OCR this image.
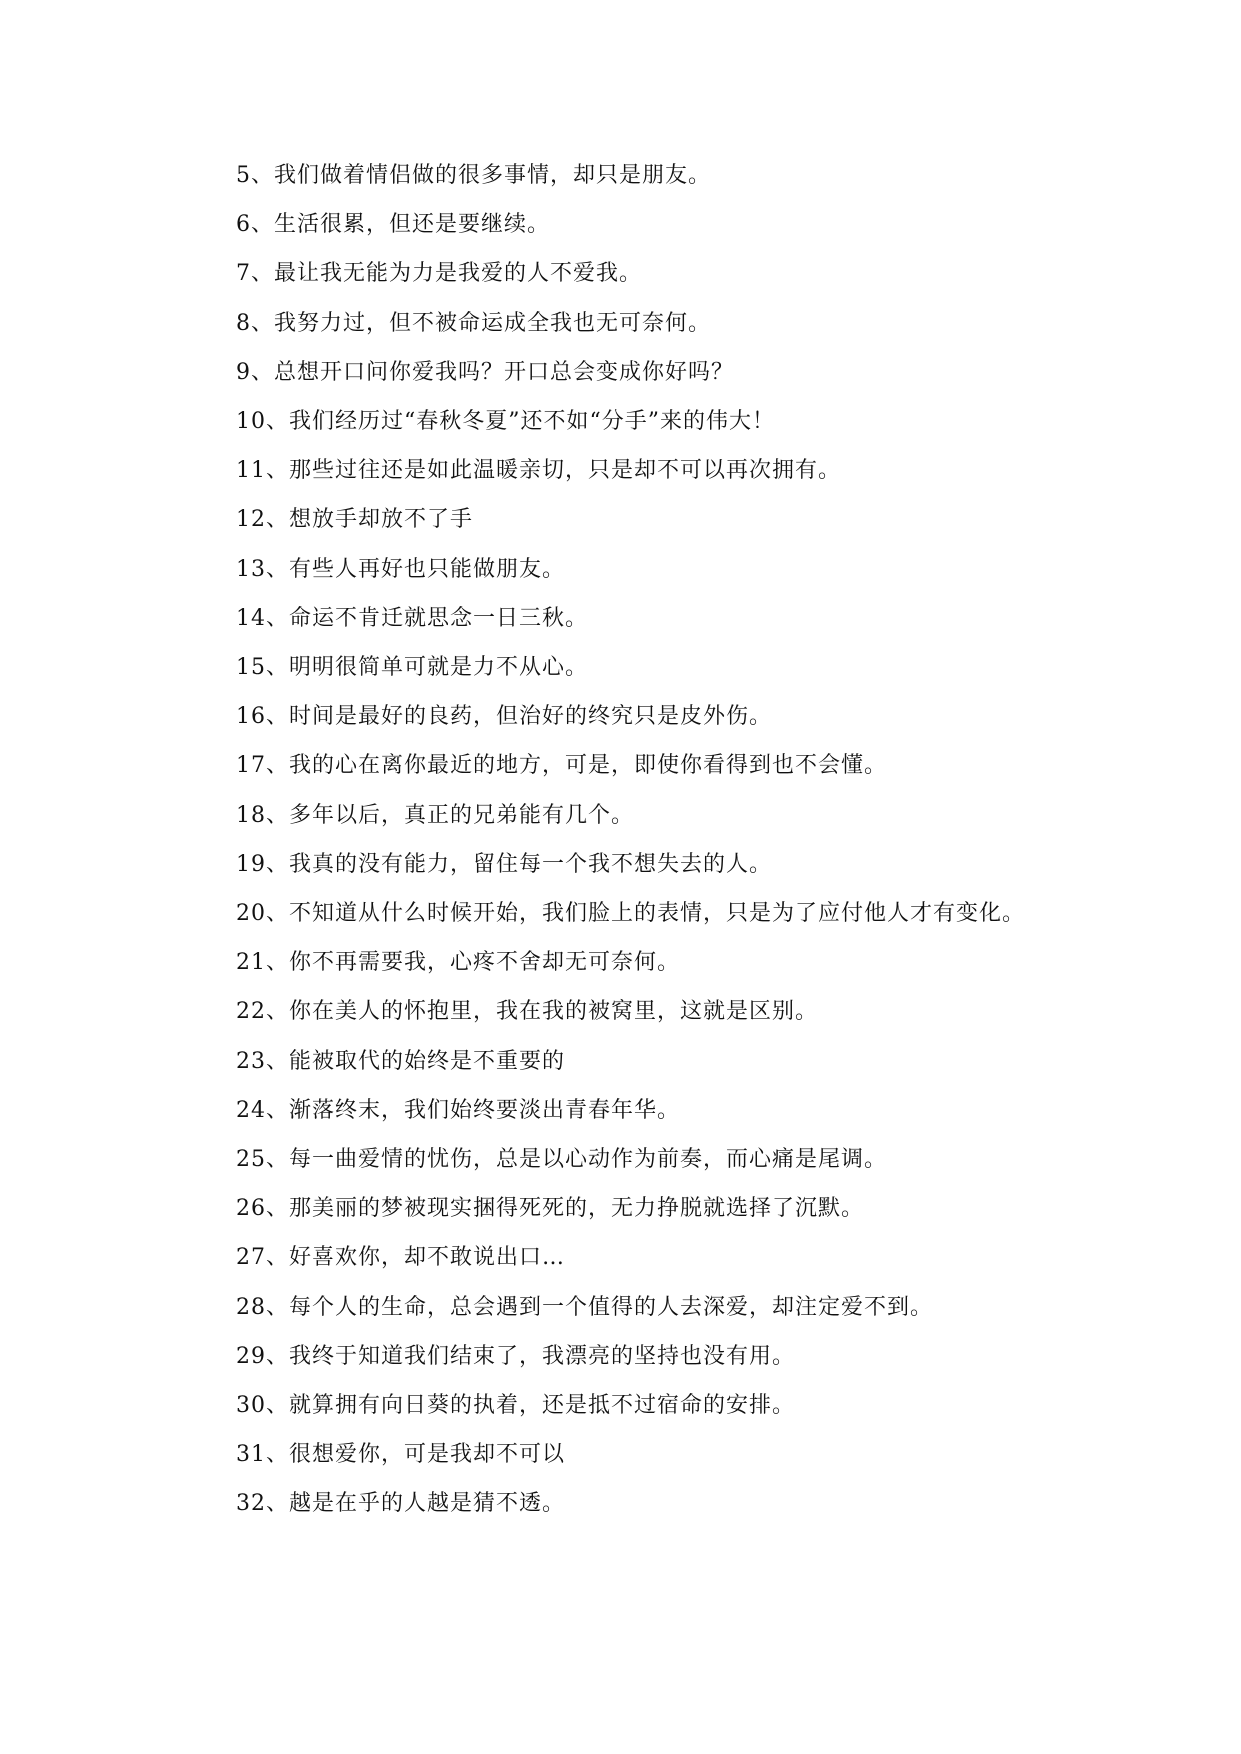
5、我们做着情侣做的很多事情，却只是朋友。

6、生活很累，但还是要继续。

7、最让我无能为力是我爱的人不爱我。

8、我努力过，但不被命运成全我也无可奈何。

9、总想开口问你爱我吗？开口总会变成你好吗？

10、我们经历过“春秋冬夏”还不如“分手”来的伟大！

11、那些过往还是如此温暖亲切，只是却不可以再次拥有。

12、想放手却放不了手

13、有些人再好也只能做朋友。

14、命运不肯迁就思念一日三秋。

15、明明很简单可就是力不从心。

16、时间是最好的良药，但治好的终究只是皮外伤。

17、我的心在离你最近的地方，可是，即使你看得到也不会懂。

18、多年以后，真正的兄弟能有几个。

19、我真的没有能力，留住每一个我不想失去的人。

20、不知道从什么时候开始，我们脸上的表情，只是为了应付他人才有变化。

21、你不再需要我，心疼不舍却无可奈何。

22、你在美人的怀抱里，我在我的被窝里，这就是区别。

23、能被取代的始终是不重要的

24、渐落终末，我们始终要淡出青春年华。

25、每一曲爱情的忧伤，总是以心动作为前奏，而心痛是尾调。

26、那美丽的梦被现实捆得死死的，无力挣脱就选择了沉默。

27、好喜欢你，却不敢说出口…

28、每个人的生命，总会遇到一个值得的人去深爱，却注定爱不到。

29、我终于知道我们结束了，我漂亮的坚持也没有用。

30、就算拥有向日葵的执着，还是抵不过宿命的安排。

31、很想爱你，可是我却不可以

32、越是在乎的人越是猜不透。
